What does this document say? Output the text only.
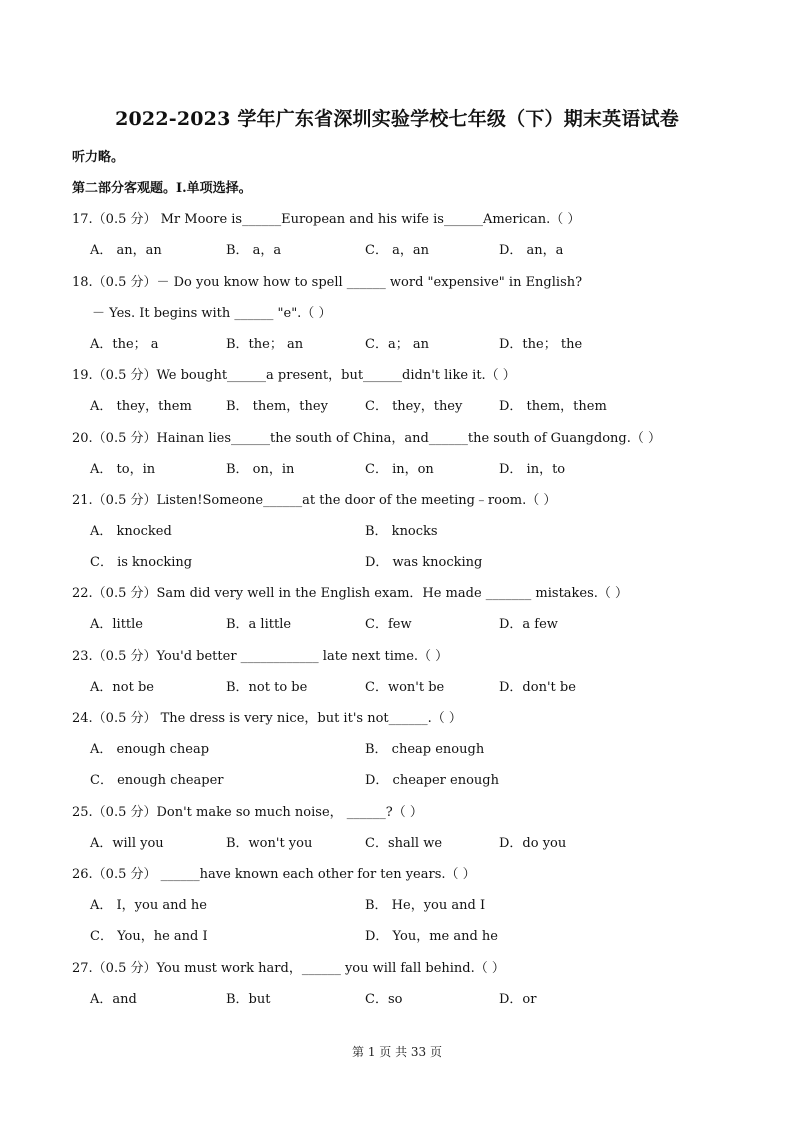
2022-2023 学年广东省深圳实验学校七年级（下）期末英语试卷
听力略。
第二部分客观题。I.单项选择。
17.（0.5 分） Mr Moore is______European and his wife is______American.（ ）
A． an，an	B． a，a	C． a，an	D． an，a
18.（0.5 分）－ Do you know how to spell ______ word "expensive" in English?
－ Yes. It begins with ______ "e".（ ）
A．the； a	B．the； an	C．a； an	D．the； the
19.（0.5 分）We bought______a present，but______didn't like it.（ ）
A． they，them	B． them，they	C． they，they	D． them，them
20.（0.5 分）Hainan lies______the south of China，and______the south of Guangdong.（ ）
A． to，in	B． on，in	C． in，on	D． in，to
21.（0.5 分）Listen!Someone______at the door of the meeting﹣room.（ ）
A． knocked	B． knocks
C． is knocking	D． was knocking
22.（0.5 分）Sam did very well in the English exam．He made _______ mistakes.（ ）
A．little	B．a little	C．few	D．a few
23.（0.5 分）You'd better ____________ late next time.（ ）
A．not be	B．not to be	C．won't be	D．don't be
24.（0.5 分） The dress is very nice，but it's not______.（ ）
A． enough cheap	B． cheap enough
C． enough cheaper	D． cheaper enough
25.（0.5 分）Don't make so much noise， ______?（ ）
A．will you	B．won't you	C．shall we	D．do you
26.（0.5 分） ______have known each other for ten years.（ ）
A． I，you and he	B． He，you and I
C． You，he and I	D． You，me and he
27.（0.5 分）You must work hard，______ you will fall behind.（ ）
A．and	B．but	C．so	D．or
第 1 页 共 33 页
